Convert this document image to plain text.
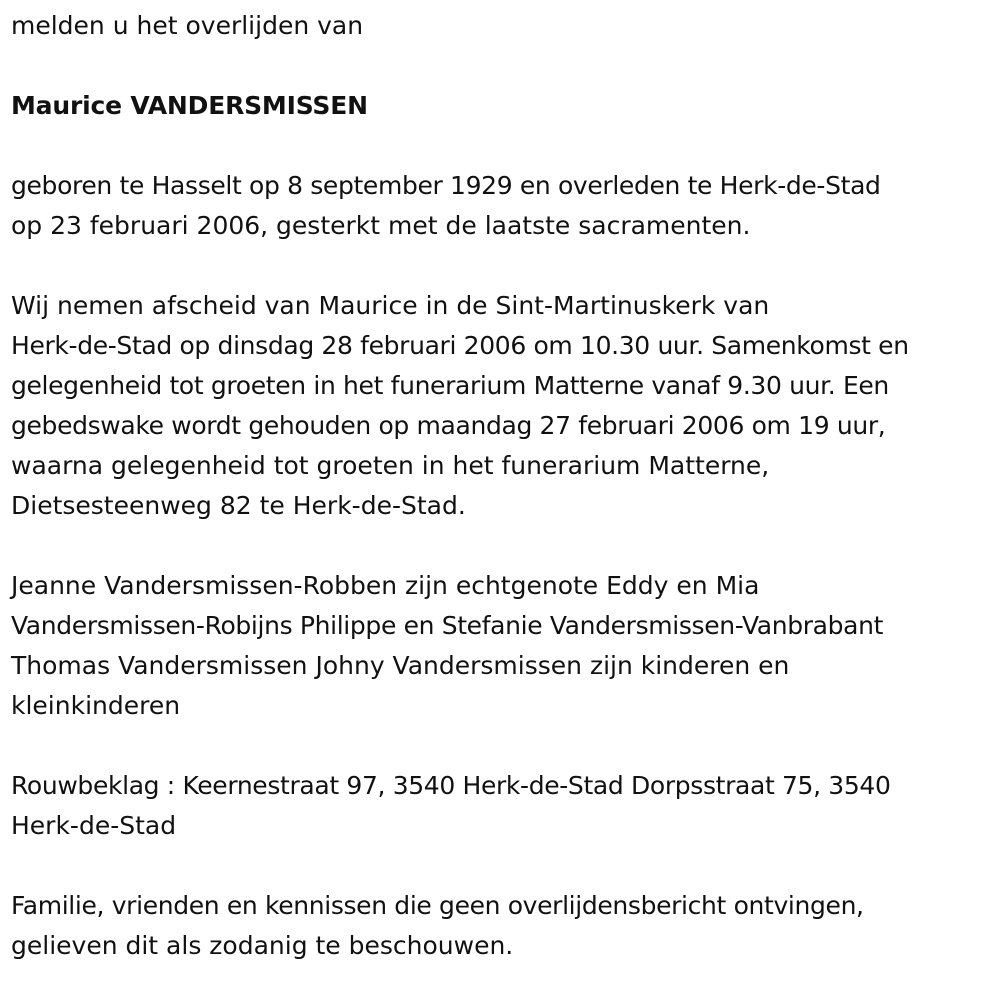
melden u het overlijden van
Maurice VANDERSMISSEN
geboren te Hasselt op 8 september 1929 en overleden te Herk-de-Stad
op 23 februari 2006, gesterkt met de laatste sacramenten.
Wij nemen afscheid van Maurice in de Sint-Martinuskerk van
Herk-de-Stad op dinsdag 28 februari 2006 om 10.30 uur. Samenkomst en
gelegenheid tot groeten in het funerarium Matterne vanaf 9.30 uur. Een
gebedswake wordt gehouden op maandag 27 februari 2006 om 19 uur,
waarna gelegenheid tot groeten in het funerarium Matterne,
Dietsesteenweg 82 te Herk-de-Stad.
Jeanne Vandersmissen-Robben zijn echtgenote Eddy en Mia
Vandersmissen-Robijns Philippe en Stefanie Vandersmissen-Vanbrabant
Thomas Vandersmissen Johny Vandersmissen zijn kinderen en
kleinkinderen
Rouwbeklag : Keernestraat 97, 3540 Herk-de-Stad Dorpsstraat 75, 3540
Herk-de-Stad
Familie, vrienden en kennissen die geen overlijdensbericht ontvingen,
gelieven dit als zodanig te beschouwen.
